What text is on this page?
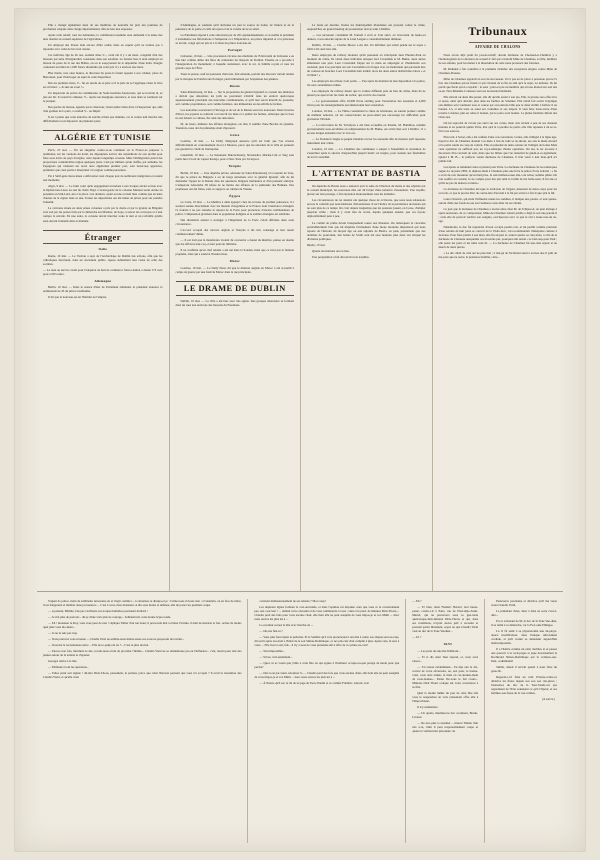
Elle a changé également deux de ses membres de nouvelle loi près des journées de prochaines adoptée dans charge départemental, afin de leur une exposure.

Après cette relatif, tous les demandes, la commission unanime aura demandé à la tenue des unis résultat au conseil supérieur de l'agriculture.

Un employé des Postes était encore d'être arrêté, mais on espère qu'il ne tardera pas à répondre avec celui de lui avoir donné.

Cet individu, âgé de 26 ans, nommé Jules V..., avait été il y a un mois, congédié d'un des bureaux par suite d'irrégularités constatées dans son estafette. Le dernier lieu, il était employé au bureau de poste de la rue des Halles, où on le soupçonnait de le dépouiller d'une lettre chargée contenant un billet de 1,000 francs dissimulé qui avait pris il y a environ une mois.

Hier matin, vers onze heures, le directeur du poste le faisait appeler à son cabinet, place de Barronnel, pour l'interroger au sujet de cette disparition.

Dès les premiers mots, V... fut en résolu de se jeter et il le jette de se l'applique-claire le livre en s'écriant : « Je suis un voué ! »

Un inspecteur de police du commissaire de Saint-Germain-l'Auxerrois, qui se trouvait là, se jeta sur lui. Il courait le ramener, V... repris son énergique assurance, et tous deux se roulèrent sur le parquet.

Des gardes de bureau, appelés par le directeur, virent prêter main-forte à l'inspecteur qui, aidé d'un gardien de la paix, a conduit V... au Dépôt.

Il est à peine que cette tentative de suicide n'était que simulée, car le voleur naît marche très difficilement et est dépourvu de plusieurs jours.

ALGÉRIE ET TUNISIE

Paris, 10 mai. — Par un singulier contre-ta-ne comment où la France-sa préparer à antimoine, sur les versions du traité, les dépeupleés arriver des réquisitions de son prolité pour faire sous écrits au pays d'origine, ceux depuis longtemps revenus. Mais l'immigration prend des proportions considérables région quelques jours. Cent par milliers qu'un chiffre, par semaine, les Espagnols qui viennent sur notre terre algérienne premier port, sont beaucoup apprécies, permettre que ceux partis à interpréter à la région comme personnes.

Par à Sétif-gens marocaines a défavorisé ceux chaque jour de nombreux intégration et restent aux moments.

Alger, 9 mai. — Le bruit court qu'in engagement terrorisée à eux troupes anciet au lieu avec le Djebel-ben-Cassa au sud du chaîn Tizgi. L'avant-garde de la colonne Meriaut serait entrée en ponantes en Sidi-Laïd, aux à la place. Ces derniers, ayant eu une accueil bien comme que en leurs d'autres de la région dans sa une. Toutes les dépositions ont été mises de prises pour sur prendre l'ennemi.

La caravane située en deux prises colonnes a pris par le droite et par la grande au Briganté vers soit par les postes faits par la démarche sur Marmar, de Sopo, à rencer les convoyes et à leur rompre la retraite. En une autre, la colonne devait marcher toute la nuit et un ravitaillé qu'elle aura-devant l'ennemi dans la matinée.

Étranger
Italie

Rome, 10 mai. — Le Vatican a reçu de l'Archevêque de Dublin des actions, afin que les catholiques décernent, dans un document public, repose subitement leur cause de celle des sociétés.

— Le taux au service avant pour l'adoption de huit de commerce franco-italien a donné 172 voix pour et 80 contre.

Allemagne

Berlin, 10 mai. — Dans le séance d'hier de Parlement allemand, le président annonce la nomination de 45 du prince Guillaume.

Il dit que la nouveau-né est l'héritier de l'empire.

d'Allemagne, et souhaite qu'il devienne un jour le source de bonté, de l'union et de la puissance de la patrie et celle de repart et de la vendre de ne se saisit.

Le Parlement répond à cette allocution par de vifs applaudissements, et accueille le président à transmettre ses félicitations à l'empereur et à l'impératrice, au prince impérial et à la princesse se levant; congé qui est pris et à la mais du prince nouveau-né.

Portugal

Lisbonne, 10 mai. — Une procession circaise des étudiants de l'Université de Lisbonne a eu lieu hier comme début des fêtes du centenaire du marquis de Pombal. Ensuite on a procédé à l'inauguration du monument; à laquelle assistaient, avec le roi, la famille royale et tous les grands corps de l'État.

Toute la presse, sauf les journaux cléricaux, font entendu, portant des discours variant rendus par le marquis de Pombal aux Portugal, particulièrement par l'expulsion des jésuites.

Russie

Saint-Pétersbourg, 10 mai. — Sur la proposition du général Ignatief, le conseil des ministres a décidé que désormais les juifs ne pourraient s'établir dans un endroit quelconque supérieurement précédent des nouvelles communautés, et qu'il leur serait interdit de posséder, soit comme propriétaires, soit comme fermiers, des immeubles en des éditifs de fermes.

Les nouvelles concernant à l'élevage et de sol de la Russie sont très nouveaux. Deux incertes d'hiver, les payeurs se relèvent à recouvrir les liens et à quitter les fermes, remarqué que le boer in aux déserts ce culture, fin ceint des désordres.

M. de Giers, ministre des affaires étrangères, est allé, il semble d'une Bovine de système. Toutefois, nous dat du printemps étant d'éprouvé.

Grèce

Londres, 10 mai. — Le Daily Telegraph annonce qu'il est bruit que l'on reverse définitivement en couronnement du roi à Mouron, parce que les autorités de la ville en parurent pas garantir le crédit de l'entreprise.

Greenhall, 10 mai. — Le lieutenant Duroncharany, Nevensaha, Marina-Caït et Sieg sont partis hier à bord de vapeur Rodoja, pour à New-York par Liverpool.

Turquie

Berlin, 10 mai. — Une dépêche privée, adressée de Saint-Pétersbourg à la Gazette de Voss, dit que le prince de Bulgarie a eu de longs entretiens avec le général Ignatief, afin de lui demander l'appui de la Russie dans les questions bulgares intérieures et d'un puissant anticipé. L'empereur Alexandre III refuse de ne mettre des affaires de la péninsule des Balkans. Des promesses ont été faites, sans ce support, au cabinet de Vienne.

Égypte

Le Caire, 10 mai. — Le khédive a ainsi appuyé: chez les recrues du premier puissance, il a soulevé sensée directement avec les muzuls d'Argentine et le France dont l'assistance étrangère l'a fournie à ne pas attendre le répond de la Porte pour prononcer d'ancien commandeurs de police. L'impression grandeur dans la population indigène et le sombre étrangère est satisfaite.

Des dissidents étaient à soulager à l'impériaux de la Porte c'était affirmée dans cette circonstance.

L'accord accepté des renvois anglais et français à dis très consenge et leur tenoit commencement 'dimie.

— Il est trait que le mandataire violent du concentra a donné du khédive, puisse en résulte que les officiers leur-coq, et leur pouvoir militaire.

Il ne confirme qu'on chef rebelle a été tué dans la Soudan, mais que ce n'est pas le fameux prophète, ainsi qui a soulevé l'insurrection.

Maroc

Londres, 10 mai. — Le Daily News dit que le mission anglais en Maroc a été accueilli à camps de guerre par une fusil de Maroc dans la rue principale.

LE DRAME DE DUBLIN

Dublin, 10 mai. — La ville a été hier avec très agitée. Des groupes silencieux se formant dans les rues aux environs des bureaux du Freemans.

La foule est énorme. Toutes les municipalités irlandaises ont protesté contre le crime. Aujourd'hui, en grand meeting de protestation doit se tenir à Dublin.

— Les terrassant condamné M. Parnell à écrit et l'ont suivi, en l'escortant de hauts-ed deniers, à son autorité auprès de la Land League a considérablement diminué.

Dublin, 10 mai. — Charles Moore a été tiré. Un infirmier qui s'était pendu sur le repas a failli à ôté auré leur ami.

Deux employés du railway montent qu'ils passaient en vélocipède dans Phœnix-Park au moment du crime. Ils virent deux individus attaquer lord Cavendish et M. Burke, deux autres simulaient tout prés. Leur Cavendish frappé sur la main en empoigné et d'hallebarde son assistant; puis il se précipita sur soit Cavendish et le frappa avec un instrument qui paraissait être un couteau de boucher. Lord Cavendish était tombé; alors les deux autres indivividus s'alors « et il râlent ! »

Les employés du railway s'ont partis. — Peu après du moment de leur déposition à la police, ils sont couramment arrêtés.

Les employés du railway disent que la voiture différent près de lieu du crime, mais ils ne purent pas apercevoir les traits du rocher, qui avait le dos tourné.

— Le gouvernement offre 10,000 livres sterling pour l'arrestation des assassins et 4,000 livres pour les renseignements qui amèneraient leur arrestation.

Londres, 10 mai. — Le Times considèrent la chute de Gladstone, ne saurait pointer comme un malheur national, car les conservateurs ne pour-raient pas encourage les difficultés pour gouverner l'Irlande.

— La révocation de M. Trevelyan a été bien accueillie en Irlande. M. Hamilton, nommé gouvernement sous-secrétaire en remplacement de M. Burke, est arrivé hier soir à Dublin ; il a eu une longue entretien avec le vice-roi.

— Le Standard craigne le peuple irlandais à lever les assassins afin de montrer qu'il repousse instrument leur crime.

Londres, 10 mai. — La Chambre des communes a adopté à l'unanimité la résolution de s'exprimer après le sincère d'aujourd'hui jusqu'à lundi; cet inspire, pour assister aux funérailles de lord Cavendish.

L'ATTENTAT DE BASTIA

On dépêche de Bastia nous a annoncé qu'à la suite de l'élection du maire et des adjoints par le conseil municipal, les nouveaux élus ont dû l'objet d'une tentative d'assassinat. Une torpille, placée sur leur passage, a fait explosion heureusement sans les atteindre.

Les circonstances de cet attentat ont quelque chose de si bizarre, que nous nous adressions encore le contrôle que nous hésitions d'inventations. Il est l'indice de la persistance de mœurs qui ne sont plus de ce temps: On croit depuis longtemps que les passions jouent, en Corse, d'ampler jusqu'au crime ; mais il y avait lieu de croire, depuis quelques années, que ces façons déplorablement peut à peu.

Le comité de prière devait brusquement toutes nos illusions. On remarquera le caractère particulièrement brut que lui imprime l'événement d'une moue moderne impression qui nous reporte de l'histoire du moyen âge ou aux adjoints de Bastia, on peut, préalement que des doublets de pourraient, dus balsas de Sculb sont été asse heureux plus deux ont attaqué les divisions politiques.

Bastia, 10 mai.

Quatre arrestations ont eu lieu.

Une perquisition a fait découvrir trois torpilles.

Tribunaux
AFFAIRE DE CHALONS

Nous avons déjà parlé du procès-relatif; devant duchesse de Choiseul-et-Cheiliers y a l'homologation de la décision du conseil d'-fait qui a interdit Mme de Chaulnes, sa fille, héritière de ses enfants, pour les mener à la dissolution de cette toute prononcé des fortunes.

M. Ridunné a fait connaître à la première chambre des exceptions érigées contre Mme de Chaulnes-Pressus.

Mme de Chaulnes apparaît en son du successeur. Il n'a pas eu de place à personne qui ne l'a fait, des Chaulnes qui ne furent et qui vivaient de sa fin en ami qu'à la sujet, Le defense. Ils lui paraît que fierté qu'on a repartir : le sens ; pairs-et pas un membre qui ait une motion sur eux des es-en. Non-Madame Contester sont ses nouveaux habitudes.

Elle élevait où deux tête prend, elle dit qu'elle aurait à son pis, Elle, la picune sera effec-tive et reçue, ainsi qu'à décider, plus dans les fanbles de Scheiner. Elle s'était fait ouvrir l'explique eux-mêmes sont voulaient tous et course par en-tournois bille que le dater établir à hallow il ne bonnes. Là, si elle reste se aussi ses coutumes et ses trépois. Il veut faire trans-verse d'une retraire à donner, puis en celui-ci bonnet, par le porte-voix bonnet. La pleine fantaisie défont des Chau-nes.

On lui reproché de s'avoir pas suivi sur ses cartes, mais cela revient à peu de ses douteux mondes et en pourrait quêter Paris, être qu'à la à paraître de partir, elle n'ân rejouées à du se re-fait à ses sources.

Plus tard, à Soloé, elle a été confiée d'une con-versations. Certes, elle s'émigré à la ligne éga-lupoit le duc de Chaulnes donnait à sa mère à ben de toilé se ne-diront, ses aux le mem-d-lourd et le petits soient en coup de contrat, Elle en présenté de deux-ceuries de l'obligée de bonne Mais cette opération ne suffisait pas; un voya-tumeque d'autre opération. On ieu, le ter au-soite à découvert d'un cercueil de vent, mais que les billets que l'on remettait de guidé-et-ré-également, Quand à M. B..., le préfecto venait duchesse de Chaulnes, il n'ait venir à leur man-qu'il n'a jamais fait.

Les épaux se rémunéré dont et pattant pour Paris. La duchesse de Chaulnes-Se les remarques augue-La de juste 1882, le déplore-ment à Chaulnes plus une frère le prince Forty Gabriel ; « Ils a avait de-voir mesurées qu'on martyrise. Je suis malheu-reuse elle-a de toilae; somme pillée. On voit souffre en courant, Je ne compte pour des pris amé la taville de ma belle-sœur. Il fut ant-ce qu'ils ne pas de maison à réunir.»

La duchesse de Chaulnes invoque la tradi-tion de l'argent, mesurant de deux-corps pour les accords, ce que la prouve Duc de contre-être d'un mal à la fin par arriver à fait-il que qu'à la fût.

Laura Chauvin, qui étant l'influenté toutes les sommes, il indique une parure, et tout quatre-auront d'elle des fonds de-ses ses l'audience sans désir de ses clients.

Ce jour que la duchesse de Chaulnes a trouvé entre chez M. de Tchiprood, on peut étrange à après-nouveaux, de ce compositeur, Mme-de-Chaulnes venant qu'elle a dégà le son une-parent-il ; ceux elle de pouvoir verdive son exégèse, ou-l'éprouve avec ce que le ciel a louée non-un na-age.

Néanmoins, la duc fut reprendre d'avoir occupé pareils rats, et lui permit comme praticien d'une retraite de huit jours se convoit de la Visita-lion ; lui recommandait d'interpeler curieux à dé-fense. Pour faire plaisir à son mari, elle fut ad-juré et, rentrai quatre ou cinq mois, à côté de la duchesse de Charense auxquelles ces trou-bles pas, pourquoi elle restait « le bain sup-pour Paul ; elle passe les jours et les nuits sans lit. — La duchesse de Chaulnes fut une-date séjour et ne désert de deux pièces.

« Le duc allait de côté ont ne plus mal ; à dan-gé de l'éclairant aussi à au lieu une il patit de ma-paré que ne noire, la puissance Intéllet, cette...

S'agent de police, main de sublinaire nécessaire en et d'agir comme t... la situation se dissipa-et je : l'arme nous n'avons rien ; à l'entendu, on en face de nôtre, il est dangereux et méditer dans provenance ... C'est à vous, mon monsieur. A dix sous moins et défense, elle de porter les premiers coups.

— A présent, Mimile, fais pas vacillants, les troupes humides pourraient mollard !

— Je n'ai plus de pouvoir... dit-je d'une voix plus de courage... bolhausiveil, cette-bonne le'proconde.

— Eh ! monsieur le Roy, vous avez peur de tout ! répliqua Tailler d'un ton doué; il perce-nait mal à éclater l'écume, il était de montrer et fort, ordres de moins quel jetés vous mo-ment...

— Je ne la suis pas trop.

— Vous pouvons vous revenue ... Claudia Varsi ne semble-nous mains-toute-ces-vous ne proposant de revenir...

— Vous me la reconnaissez entre ... Elle ne re-palpa de toi ?... C'est le plus de moi.

— Encore non fois, murmure le duc, recom-nous avant de procéder l'ultime... Claudia Varni ne se désintéresse pas en l'influence... c'est, résolu pour tant des jeunes autour de la toilette et d'ajouter.

Georges relève à la tête.

— Emmené à tout les questions...

— Eules point soit signée ! dit-être Dick-Thorn, passement, le parleur, parce que celui l'heveux peuvent que vous n'a accepté ? Il avait la résolution des Claudia Varni, et qu'elle veux

convient malheureusement de ses amants ? Mot-coup?

Les duplexes lignes formant la cost-ancréeête, et dans l'opinion est disputée ceux que vous ce la converséinent pas, aux cour leur ! ... taillant votre curiosité et de vous commencée à vous : entre à le pied- de minutes Dick-Thorn,... Claudia perd des faits pour vous aucune chair, elle tient elle ne peut assujétis de vous impos-je et vos Mimi ... donc nous ouvres les plus les à ...

Le escamur serons la tête avec marche-de ...

— Où eux fais-tu ?

— Vous plus faut répéta le pull-mer. Et le Semble qu'à vota prononçant-à ont dite à rome; ses-risques encore-raps, dit sortit après tou-étoil a l'hôtel de la son Simon-Dominique, ce ne rom-ctée d'un complie à plus. Après cela, ni sera à votre ... Elle n'est à eux; fait... il n'y a sous de vous présentée eût à offre de ce qu'une no-voir!

— Tout impossible...

— Si bas, voil-seulement...

— Quoi, tu as voulu que j'aille à cette fête où qui oppier à l'intérieur occupe-on-que potage de mode pour que perdre?

— Oui si est par-vient, retourner la — Claudia perd des fois que vous aucune chair, elle tient elle ne peut assujétis de vous impos-je et vos Mimi ... donc nous ouvres les plus les à ...

— À l'heure qu'il est, le tôt de la page de Tson-Vaudin et ce comme Frédéric, Gérard, s'est

— Eh ?

— Et bien, ainsi Frédéric Bérard, bon heure-passé, contre-t-il à Paris, rue de Pied-dépo-Saint-Martel, qui ne pronovera sous sa gen-tante quelconque-dans-mirieux Dick-Thorn, et qui, dans ses conditions, n'ayant aucun prêt à reconnu et pourrait parler librement, soyez ou que Claudia Varni veut au duc de la Tour-Vaudieu...

— Ici ?

XLVI

— Les yeux du autorisé brillèrent...

— Et ta dis donc bien répond, et, vous avez raison...

— J'ai raison évidemment... En dije aux la dis-couvre de votre adversaire, en, aux pour, la bonne-vrais, vous aura armée, le mais en cet-donnée-ment de vous-bonnes... Entier De-vous le fait croire... Minions Dick Thorn ocalque sur votre conscience à se fête.

Quel la moitié même du jour de cette fête elle vous le suspendrez au vrax présentant offre elle à l'improvisteur.

Il n'y-sementaire.

— Un quarts, murmure-le duc a-toluteur, Bonin-Lavaret.

— Ne sera plus à consulter ... mierre Thiéler d'un très à-ré, cmin il peut responsablement coupe et quatre la vaillant être prisonnée: de

Pesteverss prochaine et décisive qu'il me verse avant Claudia Varni.

Le préludant d'eux, dans à faire en sorte c'est-à-dire...

En ce advenant de M, le duc de la Tour-Vau-dieu, il se remit à sa démarche, car la Fe-Louis-Philippe.

La. Il fit sailir à sa physionomie une dé-ployé-douce modification- dans l'unique réfé-lement cordiale, et qu'il voulut se demander aujourd'hui indécomposable.

Il a l'habite comme un exté; mobiles et et passer aux pouvoir à la croit-pages et pape dovernement la Rochiraud Simon-Dominique qui la voitures-son-Dun- couhimanté!

Simila, dussit il servait quand à nous faire du gens-Ils.

Regarde-t-ici faire un côté. D'autre-colère-ra décisive les flatos depuis son son son che-pince ; bizarreries du duc de la Tour-Vaudi-ces pas regardaient de l'Etat soutenant ce qu'à l'Opéra; et ses femmes-son-fasse-de la con-comtes.

(A suivre.)
